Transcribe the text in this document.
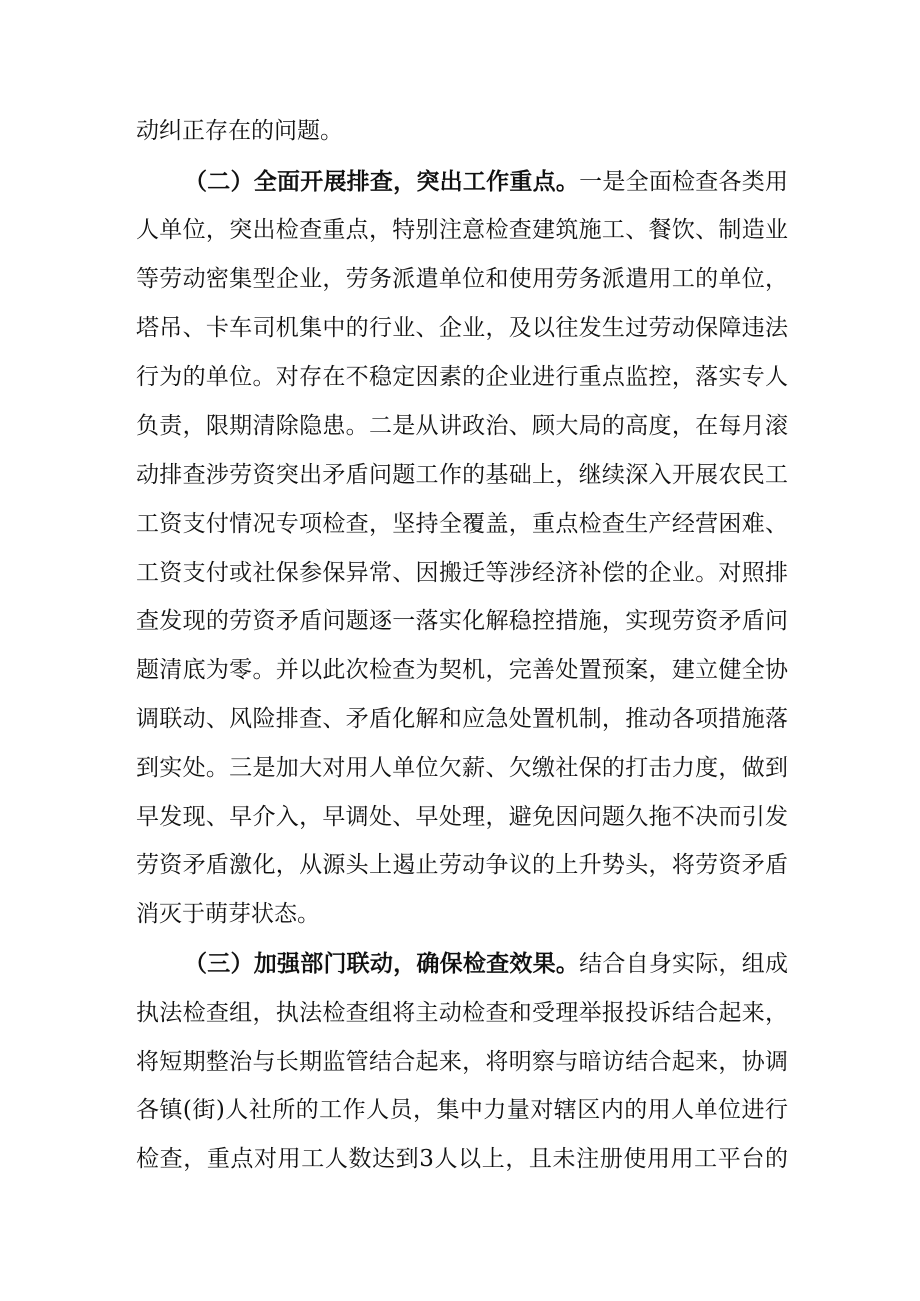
动纠正存在的问题。
（二）全面开展排查，突出工作重点。一是全面检查各类用
人单位，突出检查重点，特别注意检查建筑施工、餐饮、制造业
等劳动密集型企业，劳务派遣单位和使用劳务派遣用工的单位，
塔吊、卡车司机集中的行业、企业，及以往发生过劳动保障违法
行为的单位。对存在不稳定因素的企业进行重点监控，落实专人
负责，限期清除隐患。二是从讲政治、顾大局的高度，在每月滚
动排查涉劳资突出矛盾问题工作的基础上，继续深入开展农民工
工资支付情况专项检查，坚持全覆盖，重点检查生产经营困难、
工资支付或社保参保异常、因搬迁等涉经济补偿的企业。对照排
查发现的劳资矛盾问题逐一落实化解稳控措施，实现劳资矛盾问
题清底为零。并以此次检查为契机，完善处置预案，建立健全协
调联动、风险排查、矛盾化解和应急处置机制，推动各项措施落
到实处。三是加大对用人单位欠薪、欠缴社保的打击力度，做到
早发现、早介入，早调处、早处理，避免因问题久拖不决而引发
劳资矛盾激化，从源头上遏止劳动争议的上升势头，将劳资矛盾
消灭于萌芽状态。
（三）加强部门联动，确保检查效果。结合自身实际，组成
执法检查组，执法检查组将主动检查和受理举报投诉结合起来，
将短期整治与长期监管结合起来，将明察与暗访结合起来，协调
各镇(街)人社所的工作人员，集中力量对辖区内的用人单位进行
检查，重点对用工人数达到3人以上，且未注册使用用工平台的
